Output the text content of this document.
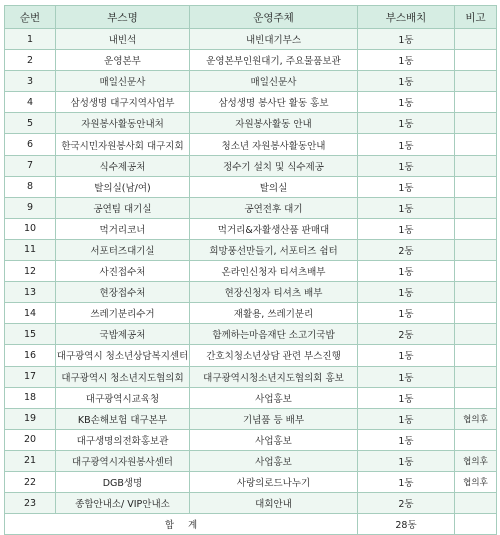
순번	부스명	운영주체	부스배치	비고
1	내빈석	내빈대기부스	1동	
2	운영본부	운영본부인원대기, 주요물품보관	1동	
3	매일신문사	매일신문사	1동	
4	삼성생명 대구지역사업부	삼성생명 봉사단 활동 홍보	1동	
5	자원봉사활동안내처	자원봉사활동 안내	1동	
6	한국시민자원봉사회 대구지회	청소년 자원봉사활동안내	1동	
7	식수제공처	정수기 설치 및 식수제공	1동	
8	탈의실(남/여)	탈의실	1동	
9	공연팀 대기실	공연전후 대기	1동	
10	먹거리코너	먹거리&자활생산품 판매대	1동	
11	서포터즈대기실	희망풍선만들기, 서포터즈 쉼터	2동	
12	사진접수처	온라인신청자 티셔츠배부	1동	
13	현장접수처	현장신청자 티셔츠 배부	1동	
14	쓰레기분리수거	재활용, 쓰레기분리	1동	
15	국밥제공처	함께하는마음재단 소고기국밥	2동	
16	대구광역시 청소년상담복지센터	간호치청소년상담 관련 부스진행	1동	
17	대구광역시 청소년지도협의회	대구광역시청소년지도협의회 홍보	1동	
18	대구광역시교육청	사업홍보	1동	
19	KB손해보험 대구본부	기념품 등 배부	1동	협의후
20	대구생명의전화홍보관	사업홍보	1동	
21	대구광역시자원봉사센터	사업홍보	1동	협의후
22	DGB생명	사랑의로드나누기	1동	협의후
23	종합안내소/ VIP안내소	대회안내	2동	
합계			28동	
